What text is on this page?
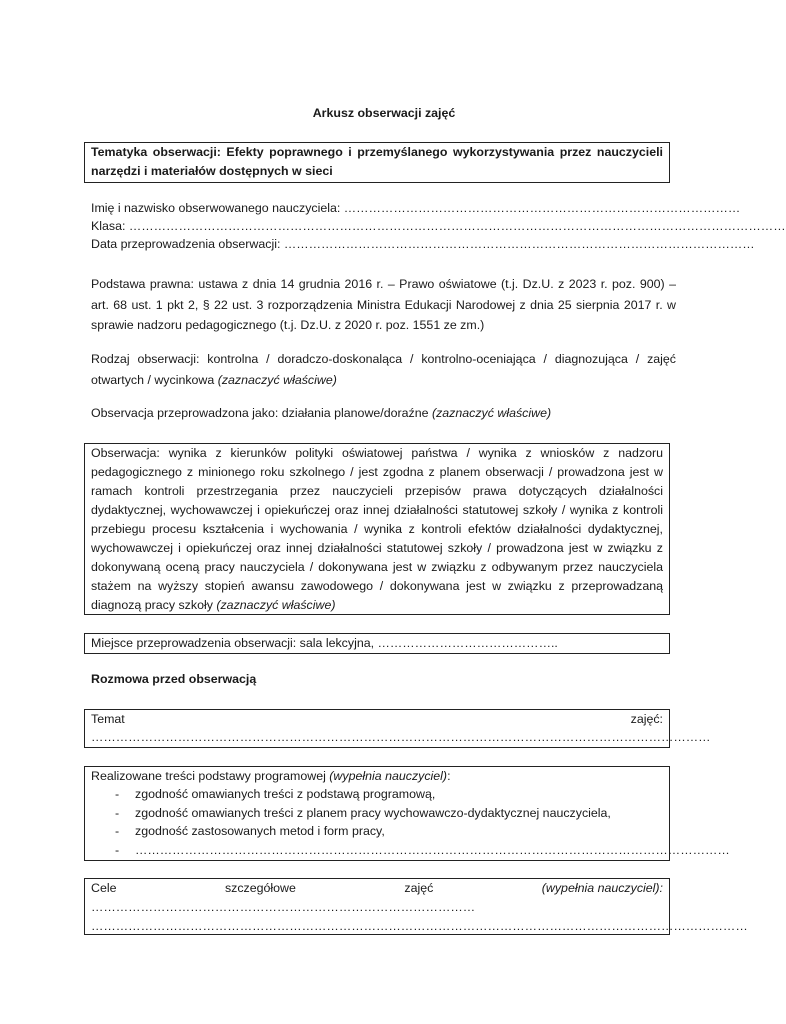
Arkusz obserwacji zajęć
Tematyka obserwacji: Efekty poprawnego i przemyślanego wykorzystywania przez nauczycieli narzędzi i materiałów dostępnych w sieci
Imię i nazwisko obserwowanego nauczyciela: ……………………………………………………………………………………
Klasa: ……………………………………………………………………………………………………………………………………………
Data przeprowadzenia obserwacji: ……………………………………………………………………………………………………
Podstawa prawna: ustawa z dnia 14 grudnia 2016 r. – Prawo oświatowe (t.j. Dz.U. z 2023 r. poz. 900) – art. 68 ust. 1 pkt 2, § 22 ust. 3 rozporządzenia Ministra Edukacji Narodowej z dnia 25 sierpnia 2017 r. w sprawie nadzoru pedagogicznego (t.j. Dz.U. z 2020 r. poz. 1551 ze zm.)
Rodzaj obserwacji: kontrolna / doradczo-doskonaląca / kontrolno-oceniająca / diagnozująca / zajęć otwartych / wycinkowa (zaznaczyć właściwe)
Observacja przeprowadzona jako: działania planowe/doraźne (zaznaczyć właściwe)
Obserwacja: wynika z kierunków polityki oświatowej państwa / wynika z wniosków z nadzoru pedagogicznego z minionego roku szkolnego / jest zgodna z planem obserwacji / prowadzona jest w ramach kontroli przestrzegania przez nauczycieli przepisów prawa dotyczących działalności dydaktycznej, wychowawczej i opiekuńczej oraz innej działalności statutowej szkoły / wynika z kontroli przebiegu procesu kształcenia i wychowania / wynika z kontroli efektów działalności dydaktycznej, wychowawczej i opiekuńczej oraz innej działalności statutowej szkoły / prowadzona jest w związku z dokonywaną oceną pracy nauczyciela / dokonywana jest w związku z odbywanym przez nauczyciela stażem na wyższy stopień awansu zawodowego / dokonywana jest w związku z przeprowadzaną diagnozą pracy szkoły (zaznaczyć właściwe)
Miejsce przeprowadzenia obserwacji: sala lekcyjna, ……………………………………..
Rozmowa przed obserwacją
Temat	zajęć:
……………………………………………………………………………………………………………………………………
Realizowane treści podstawy programowej (wypełnia nauczyciel):
- zgodność omawianych treści z podstawą programową,
- zgodność omawianych treści z planem pracy wychowawczo-dydaktycznej nauczyciela,
- zgodność zastosowanych metod i form pracy,
- ………………………………………………………………………………………………………………………………
Cele	szczegółowe	zajęć	(wypełnia nauczyciel):
…………………………………………………………………………………
……………………………………………………………………………………………………………………………………………
